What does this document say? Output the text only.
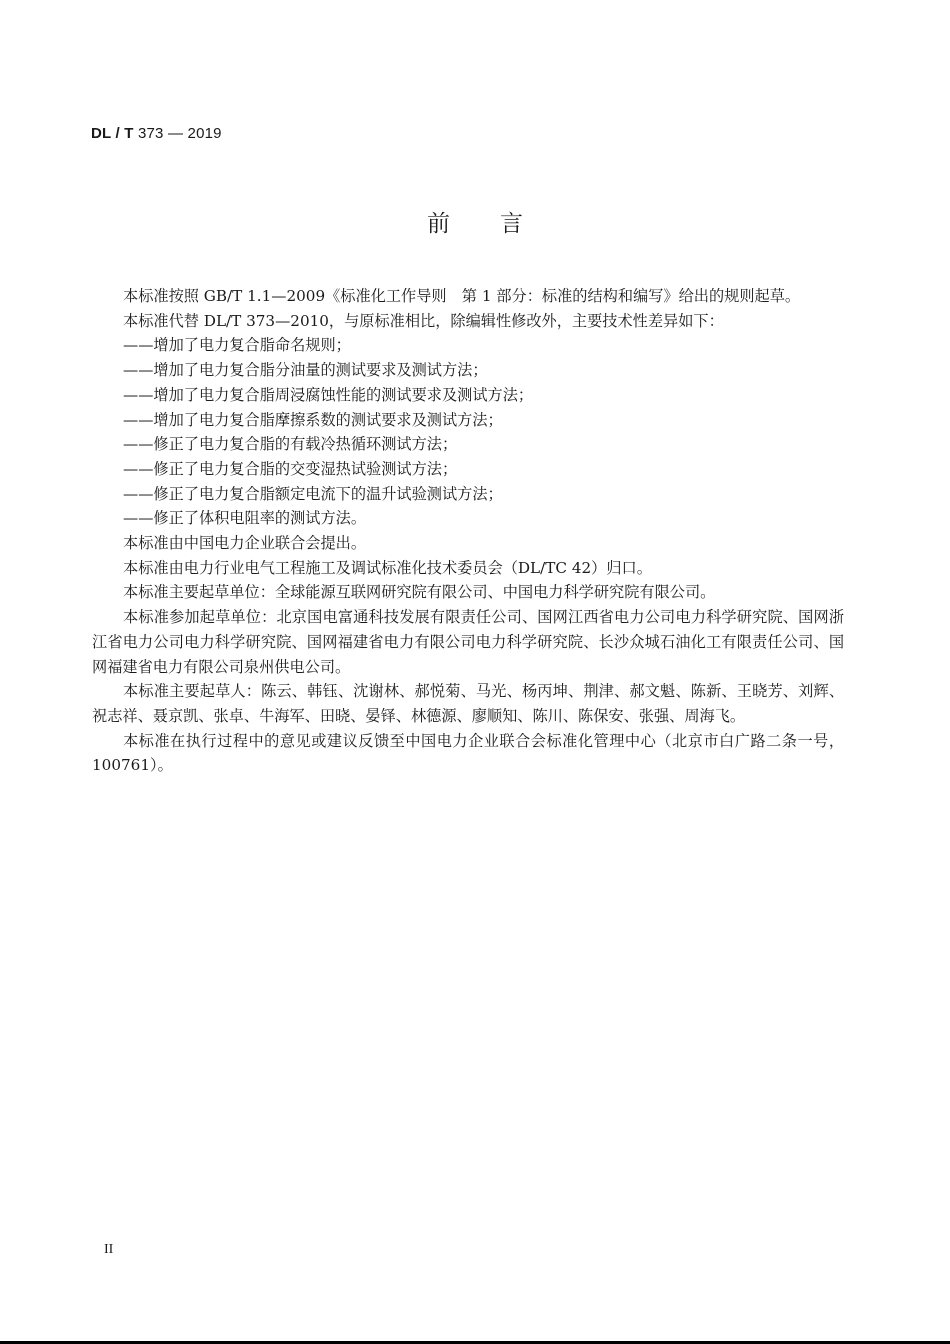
DL / T 373 — 2019
前言

本标准按照 GB/T 1.1—2009《标准化工作导则　第 1 部分：标准的结构和编写》给出的规则起草。

本标准代替 DL/T 373—2010，与原标准相比，除编辑性修改外，主要技术性差异如下：

——增加了电力复合脂命名规则；

——增加了电力复合脂分油量的测试要求及测试方法；

——增加了电力复合脂周浸腐蚀性能的测试要求及测试方法；

——增加了电力复合脂摩擦系数的测试要求及测试方法；

——修正了电力复合脂的有载冷热循环测试方法；

——修正了电力复合脂的交变湿热试验测试方法；

——修正了电力复合脂额定电流下的温升试验测试方法；

——修正了体积电阻率的测试方法。

本标准由中国电力企业联合会提出。

本标准由电力行业电气工程施工及调试标准化技术委员会（DL/TC 42）归口。

本标准主要起草单位：全球能源互联网研究院有限公司、中国电力科学研究院有限公司。

本标准参加起草单位：北京国电富通科技发展有限责任公司、国网江西省电力公司电力科学研究院、国网浙江省电力公司电力科学研究院、国网福建省电力有限公司电力科学研究院、长沙众城石油化工有限责任公司、国网福建省电力有限公司泉州供电公司。

本标准主要起草人：陈云、韩钰、沈谢林、郝悦菊、马光、杨丙坤、荆津、郝文魁、陈新、王晓芳、刘辉、祝志祥、聂京凯、张卓、牛海军、田晓、晏铎、林德源、廖顺知、陈川、陈保安、张强、周海飞。

本标准在执行过程中的意见或建议反馈至中国电力企业联合会标准化管理中心（北京市白广路二条一号，100761）。

II
